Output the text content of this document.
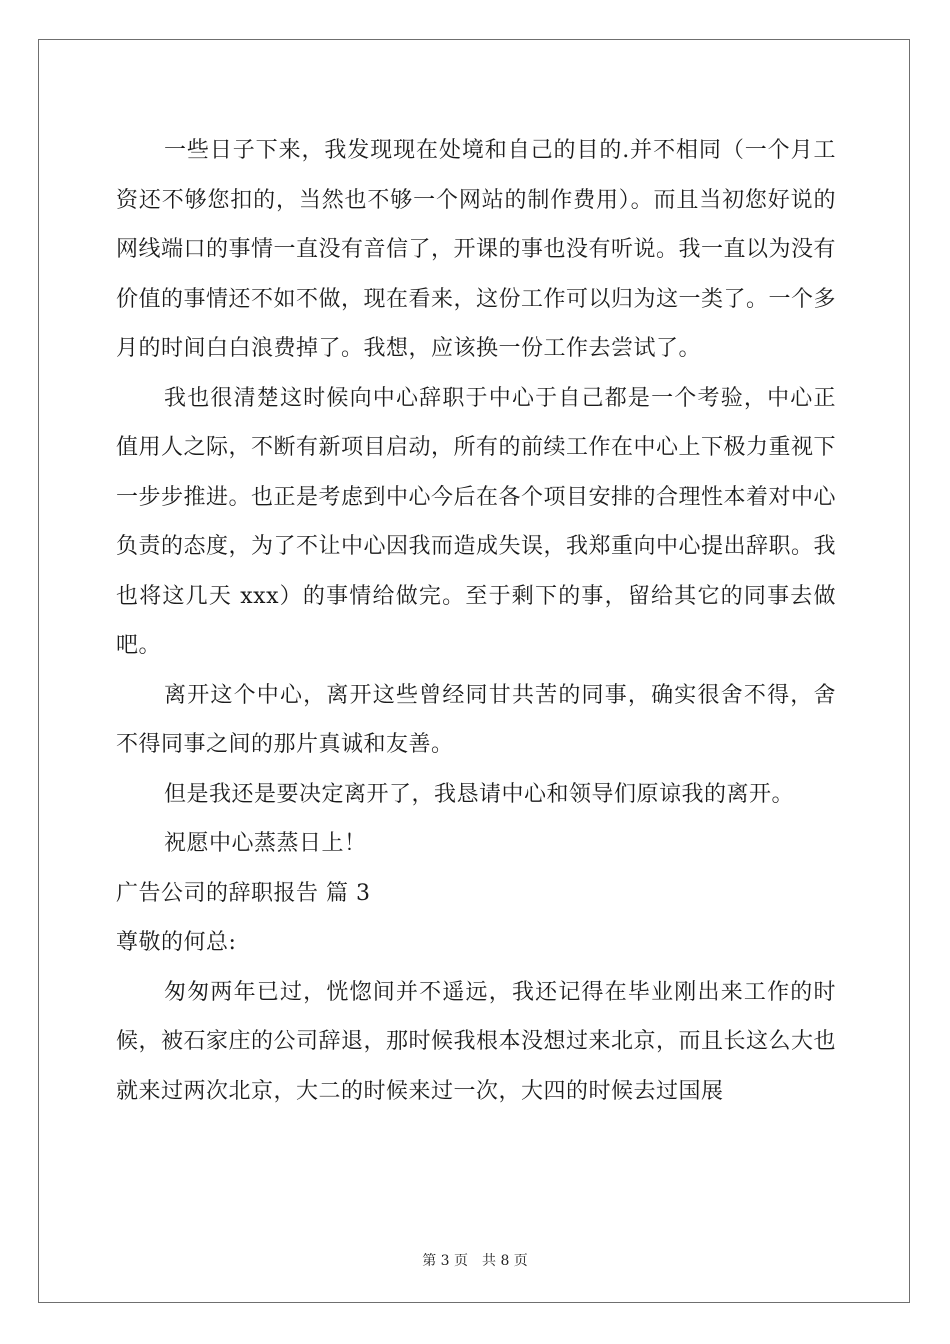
一些日子下来，我发现现在处境和自己的目的.并不相同（一个月工资还不够您扣的，当然也不够一个网站的制作费用）。而且当初您好说的网线端口的事情一直没有音信了，开课的事也没有听说。我一直以为没有价值的事情还不如不做，现在看来，这份工作可以归为这一类了。一个多月的时间白白浪费掉了。我想，应该换一份工作去尝试了。

我也很清楚这时候向中心辞职于中心于自己都是一个考验，中心正值用人之际，不断有新项目启动，所有的前续工作在中心上下极力重视下一步步推进。也正是考虑到中心今后在各个项目安排的合理性本着对中心负责的态度，为了不让中心因我而造成失误，我郑重向中心提出辞职。我也将这几天 xxx）的事情给做完。至于剩下的事，留给其它的同事去做吧。

离开这个中心，离开这些曾经同甘共苦的同事，确实很舍不得，舍不得同事之间的那片真诚和友善。

但是我还是要决定离开了，我恳请中心和领导们原谅我的离开。

祝愿中心蒸蒸日上！

广告公司的辞职报告 篇 3

尊敬的何总:

匆匆两年已过，恍惚间并不遥远，我还记得在毕业刚出来工作的时候，被石家庄的公司辞退，那时候我根本没想过来北京，而且长这么大也就来过两次北京，大二的时候来过一次，大四的时候去过国展

第 3 页　共 8 页
